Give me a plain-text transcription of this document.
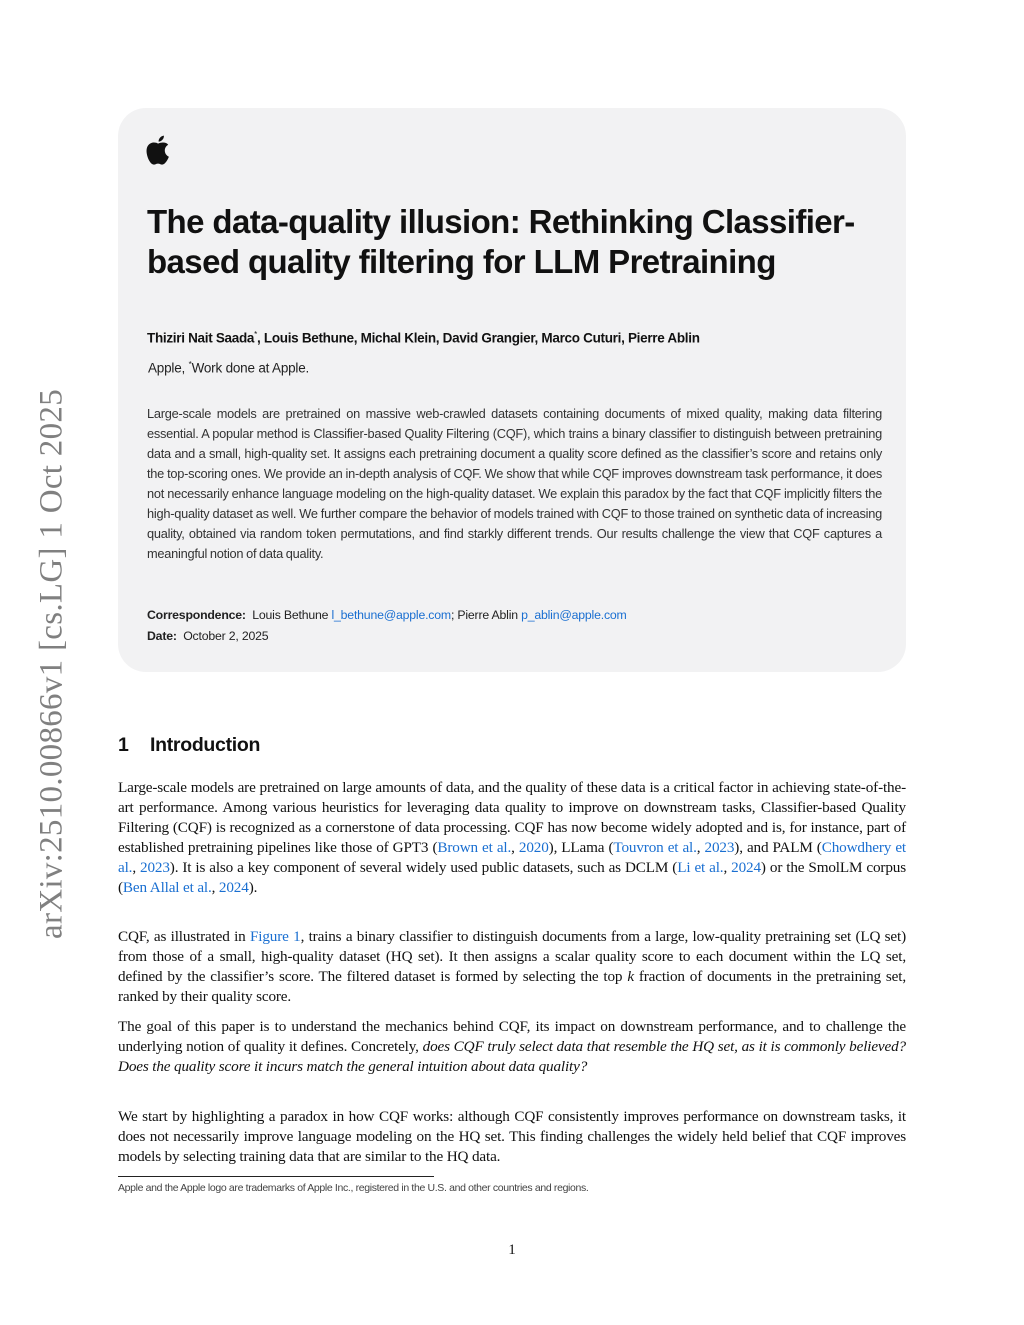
arXiv:2510.00866v1 [cs.LG] 1 Oct 2025
The data-quality illusion: Rethinking Classifier-based quality filtering for LLM Pretraining
Thiziri Nait Saada*, Louis Bethune, Michal Klein, David Grangier, Marco Cuturi, Pierre Ablin
Apple, *Work done at Apple.

Large-scale models are pretrained on massive web-crawled datasets containing documents of mixed quality, making data filtering essential. A popular method is Classifier-based Quality Filtering (CQF), which trains a binary classifier to distinguish between pretraining data and a small, high-quality set. It assigns each pretraining document a quality score defined as the classifier’s score and retains only the top-scoring ones. We provide an in-depth analysis of CQF. We show that while CQF improves downstream task performance, it does not necessarily enhance language modeling on the high-quality dataset. We explain this paradox by the fact that CQF implicitly filters the high-quality dataset as well. We further compare the behavior of models trained with CQF to those trained on synthetic data of increasing quality, obtained via random token permutations, and find starkly different trends. Our results challenge the view that CQF captures a meaningful notion of data quality.

Correspondence: Louis Bethune l_bethune@apple.com; Pierre Ablin p_ablin@apple.com
Date: October 2, 2025
1 Introduction

Large-scale models are pretrained on large amounts of data, and the quality of these data is a critical factor in achieving state-of-the-art performance. Among various heuristics for leveraging data quality to improve on downstream tasks, Classifier-based Quality Filtering (CQF) is recognized as a cornerstone of data processing. CQF has now become widely adopted and is, for instance, part of established pretraining pipelines like those of GPT3 (Brown et al., 2020), LLama (Touvron et al., 2023), and PALM (Chowdhery et al., 2023). It is also a key component of several widely used public datasets, such as DCLM (Li et al., 2024) or the SmolLM corpus (Ben Allal et al., 2024).

CQF, as illustrated in Figure 1, trains a binary classifier to distinguish documents from a large, low-quality pretraining set (LQ set) from those of a small, high-quality dataset (HQ set). It then assigns a scalar quality score to each document within the LQ set, defined by the classifier’s score. The filtered dataset is formed by selecting the top k fraction of documents in the pretraining set, ranked by their quality score.

The goal of this paper is to understand the mechanics behind CQF, its impact on downstream performance, and to challenge the underlying notion of quality it defines. Concretely, does CQF truly select data that resemble the HQ set, as it is commonly believed? Does the quality score it incurs match the general intuition about data quality?

We start by highlighting a paradox in how CQF works: although CQF consistently improves performance on downstream tasks, it does not necessarily improve language modeling on the HQ set. This finding challenges the widely held belief that CQF improves models by selecting training data that are similar to the HQ data.

Apple and the Apple logo are trademarks of Apple Inc., registered in the U.S. and other countries and regions.
1
